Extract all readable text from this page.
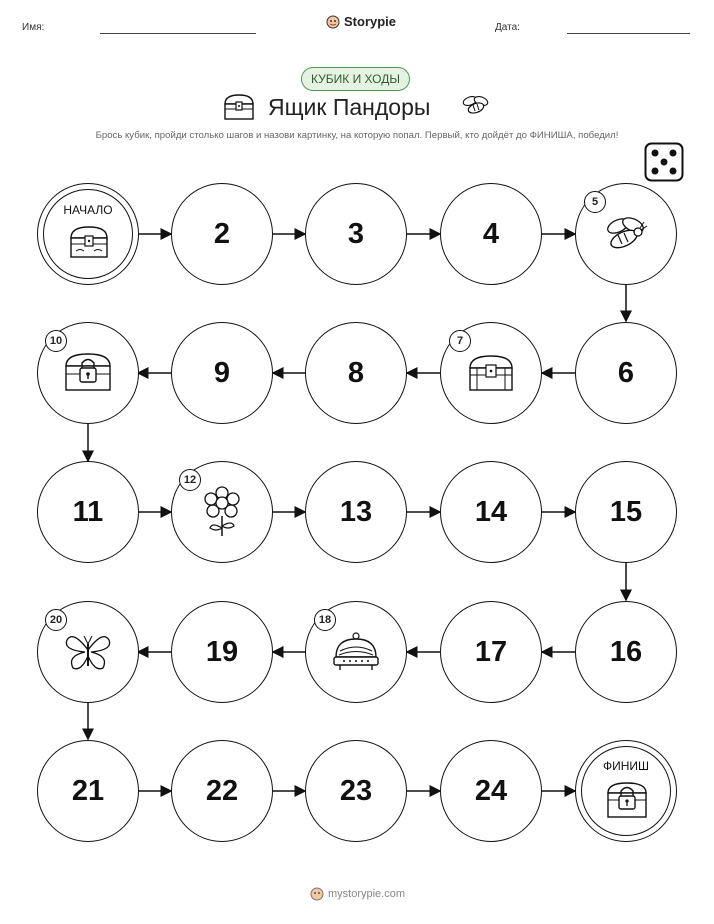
Имя:	Storypie	Дата:
КУБИК И ХОДЫ
Ящик Пандоры
Брось кубик, пройди столько шагов и назови картинку, на которую попал. Первый, кто дойдёт до ФИНИША, победил!
НАЧАЛО
2	3	4
5
10
9	8
7
6
11
12
13	14	15
20
19
18
17	16
21	22	23	24
ФИНИШ
mystorypie.com
